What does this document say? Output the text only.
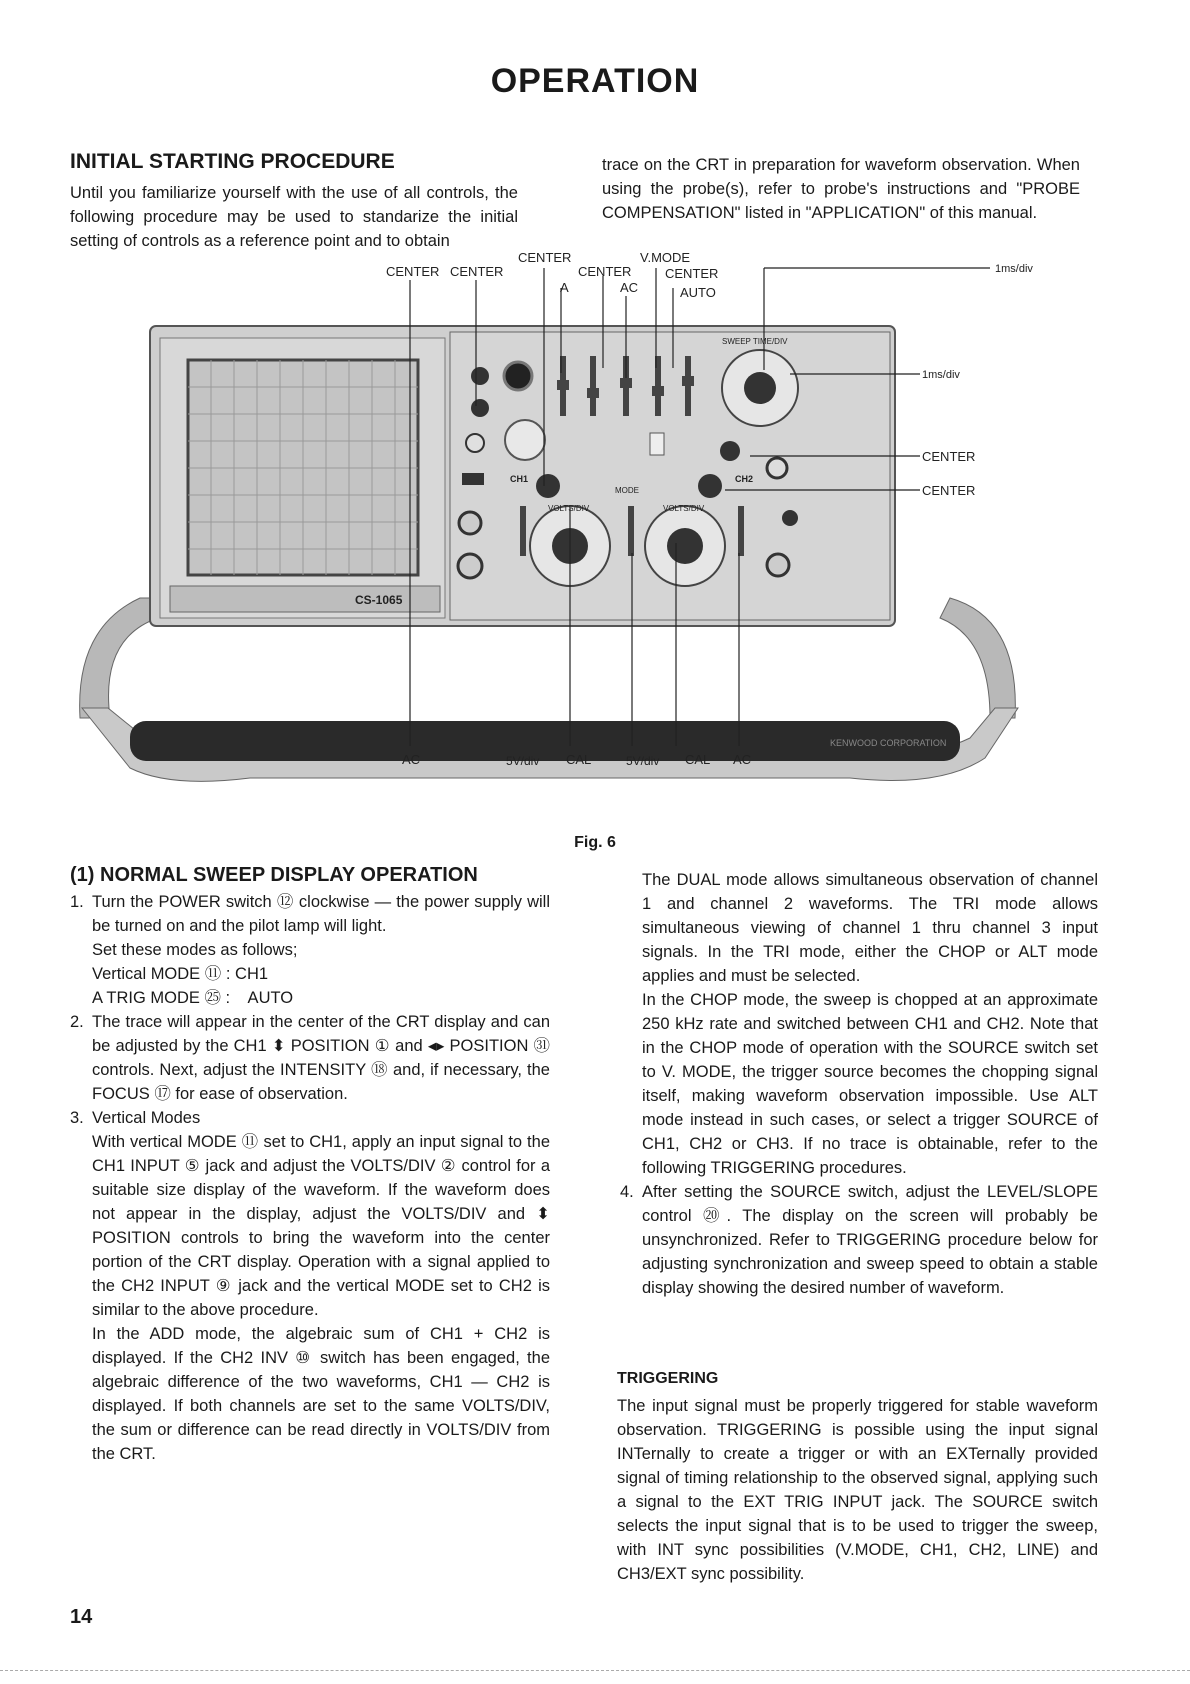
OPERATION
INITIAL STARTING PROCEDURE
Until you familiarize yourself with the use of all controls, the following procedure may be used to standarize the initial setting of controls as a reference point and to obtain
trace on the CRT in preparation for waveform observation. When using the probe(s), refer to probe's instructions and "PROBE COMPENSATION" listed in "APPLICATION" of this manual.
KENWOOD CORPORATION
CS-1065
VOLTS/DIV
CH1
VOLTS/DIV
CH2
MODE
SWEEP TIME/DIV
CENTER CENTER
CENTER
CENTER	CENTER
V.MODE
A	AC	AUTO
1ms/div
1ms/div
CENTER
CENTER
AC	5V/div CAL	5V/div CAL AC
Fig. 6
(1) NORMAL SWEEP DISPLAY OPERATION

1. Turn the POWER switch ⑫ clockwise — the power supply will be turned on and the pilot lamp will light.

Set these modes as follows;

Vertical MODE ⑪ : CH1

A TRIG MODE ㉕ :    AUTO

2. The trace will appear in the center of the CRT display and can be adjusted by the CH1 ⬍ POSITION ① and ◂▸ POSITION ㉛ controls. Next, adjust the INTENSITY ⑱ and, if necessary, the FOCUS ⑰ for ease of observation.

3. Vertical Modes

With vertical MODE ⑪ set to CH1, apply an input signal to the CH1 INPUT ⑤ jack and adjust the VOLTS/DIV ② control for a suitable size display of the waveform. If the waveform does not appear in the display, adjust the VOLTS/DIV and ⬍ POSITION controls to bring the waveform into the center portion of the CRT display. Operation with a signal applied to the CH2 INPUT ⑨ jack and the vertical MODE set to CH2 is similar to the above procedure.

In the ADD mode, the algebraic sum of CH1 + CH2 is displayed. If the CH2 INV ⑩ switch has been engaged, the algebraic difference of the two waveforms, CH1 — CH2 is displayed. If both channels are set to the same VOLTS/DIV, the sum or difference can be read directly in VOLTS/DIV from the CRT.

The DUAL mode allows simultaneous observation of channel 1 and channel 2 waveforms. The TRI mode allows simultaneous viewing of channel 1 thru channel 3 input signals. In the TRI mode, either the CHOP or ALT mode applies and must be selected.

In the CHOP mode, the sweep is chopped at an approximate 250 kHz rate and switched between CH1 and CH2. Note that in the CHOP mode of operation with the SOURCE switch set to V. MODE, the trigger source becomes the chopping signal itself, making waveform observation impossible. Use ALT mode instead in such cases, or select a trigger SOURCE of CH1, CH2 or CH3. If no trace is obtainable, refer to the following TRIGGERING procedures.

4. After setting the SOURCE switch, adjust the LEVEL/SLOPE control ⑳. The display on the screen will probably be unsynchronized. Refer to TRIGGERING procedure below for adjusting synchronization and sweep speed to obtain a stable display showing the desired number of waveform.

TRIGGERING
The input signal must be properly triggered for stable waveform observation. TRIGGERING is possible using the input signal INTernally to create a trigger or with an EXTernally provided signal of timing relationship to the observed signal, applying such a signal to the EXT TRIG INPUT jack. The SOURCE switch selects the input signal that is to be used to trigger the sweep, with INT sync possibilities (V.MODE, CH1, CH2, LINE) and CH3/EXT sync possibility.
14
